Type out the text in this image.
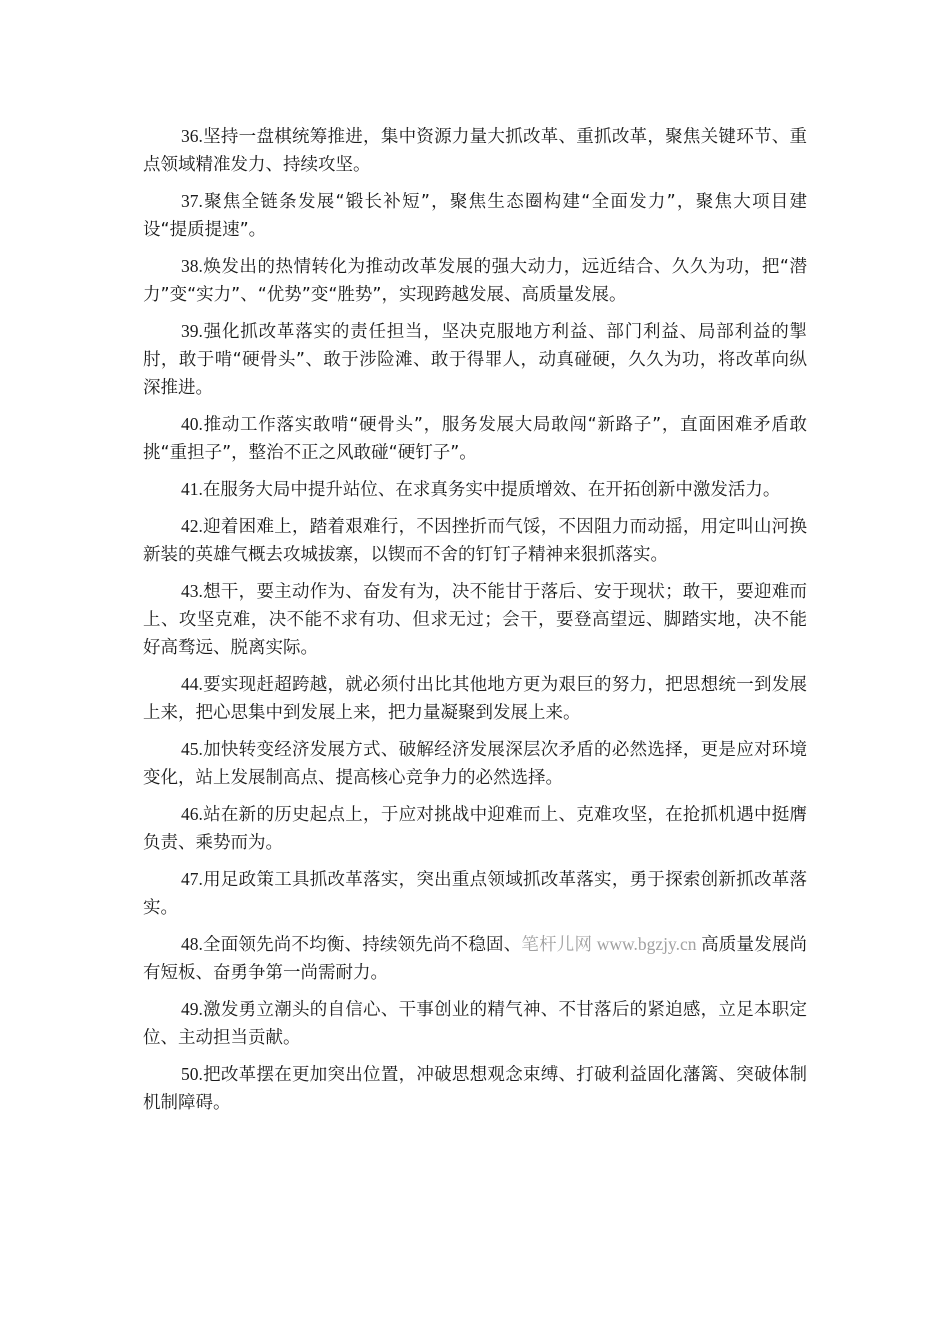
36.坚持一盘棋统筹推进，集中资源力量大抓改革、重抓改革，聚焦关键环节、重点领域精准发力、持续攻坚。

37.聚焦全链条发展“锻长补短”，聚焦生态圈构建“全面发力”，聚焦大项目建设“提质提速”。

38.焕发出的热情转化为推动改革发展的强大动力，远近结合、久久为功，把“潜力”变“实力”、“优势”变“胜势”，实现跨越发展、高质量发展。

39.强化抓改革落实的责任担当，坚决克服地方利益、部门利益、局部利益的掣肘，敢于啃“硬骨头”、敢于涉险滩、敢于得罪人，动真碰硬，久久为功，将改革向纵深推进。

40.推动工作落实敢啃“硬骨头”，服务发展大局敢闯“新路子”，直面困难矛盾敢挑“重担子”，整治不正之风敢碰“硬钉子”。

41.在服务大局中提升站位、在求真务实中提质增效、在开拓创新中激发活力。

42.迎着困难上，踏着艰难行，不因挫折而气馁，不因阻力而动摇，用定叫山河换新装的英雄气概去攻城拔寨，以锲而不舍的钉钉子精神来狠抓落实。

43.想干，要主动作为、奋发有为，决不能甘于落后、安于现状；敢干，要迎难而上、攻坚克难，决不能不求有功、但求无过；会干，要登高望远、脚踏实地，决不能好高骛远、脱离实际。

44.要实现赶超跨越，就必须付出比其他地方更为艰巨的努力，把思想统一到发展上来，把心思集中到发展上来，把力量凝聚到发展上来。

45.加快转变经济发展方式、破解经济发展深层次矛盾的必然选择，更是应对环境变化，站上发展制高点、提高核心竞争力的必然选择。

46.站在新的历史起点上，于应对挑战中迎难而上、克难攻坚，在抢抓机遇中挺膺负责、乘势而为。

47.用足政策工具抓改革落实，突出重点领域抓改革落实，勇于探索创新抓改革落实。

48.全面领先尚不均衡、持续领先尚不稳固、笔杆儿网 www.bgzjy.cn 高质量发展尚有短板、奋勇争第一尚需耐力。

49.激发勇立潮头的自信心、干事创业的精气神、不甘落后的紧迫感，立足本职定位、主动担当贡献。

50.把改革摆在更加突出位置，冲破思想观念束缚、打破利益固化藩篱、突破体制机制障碍。
